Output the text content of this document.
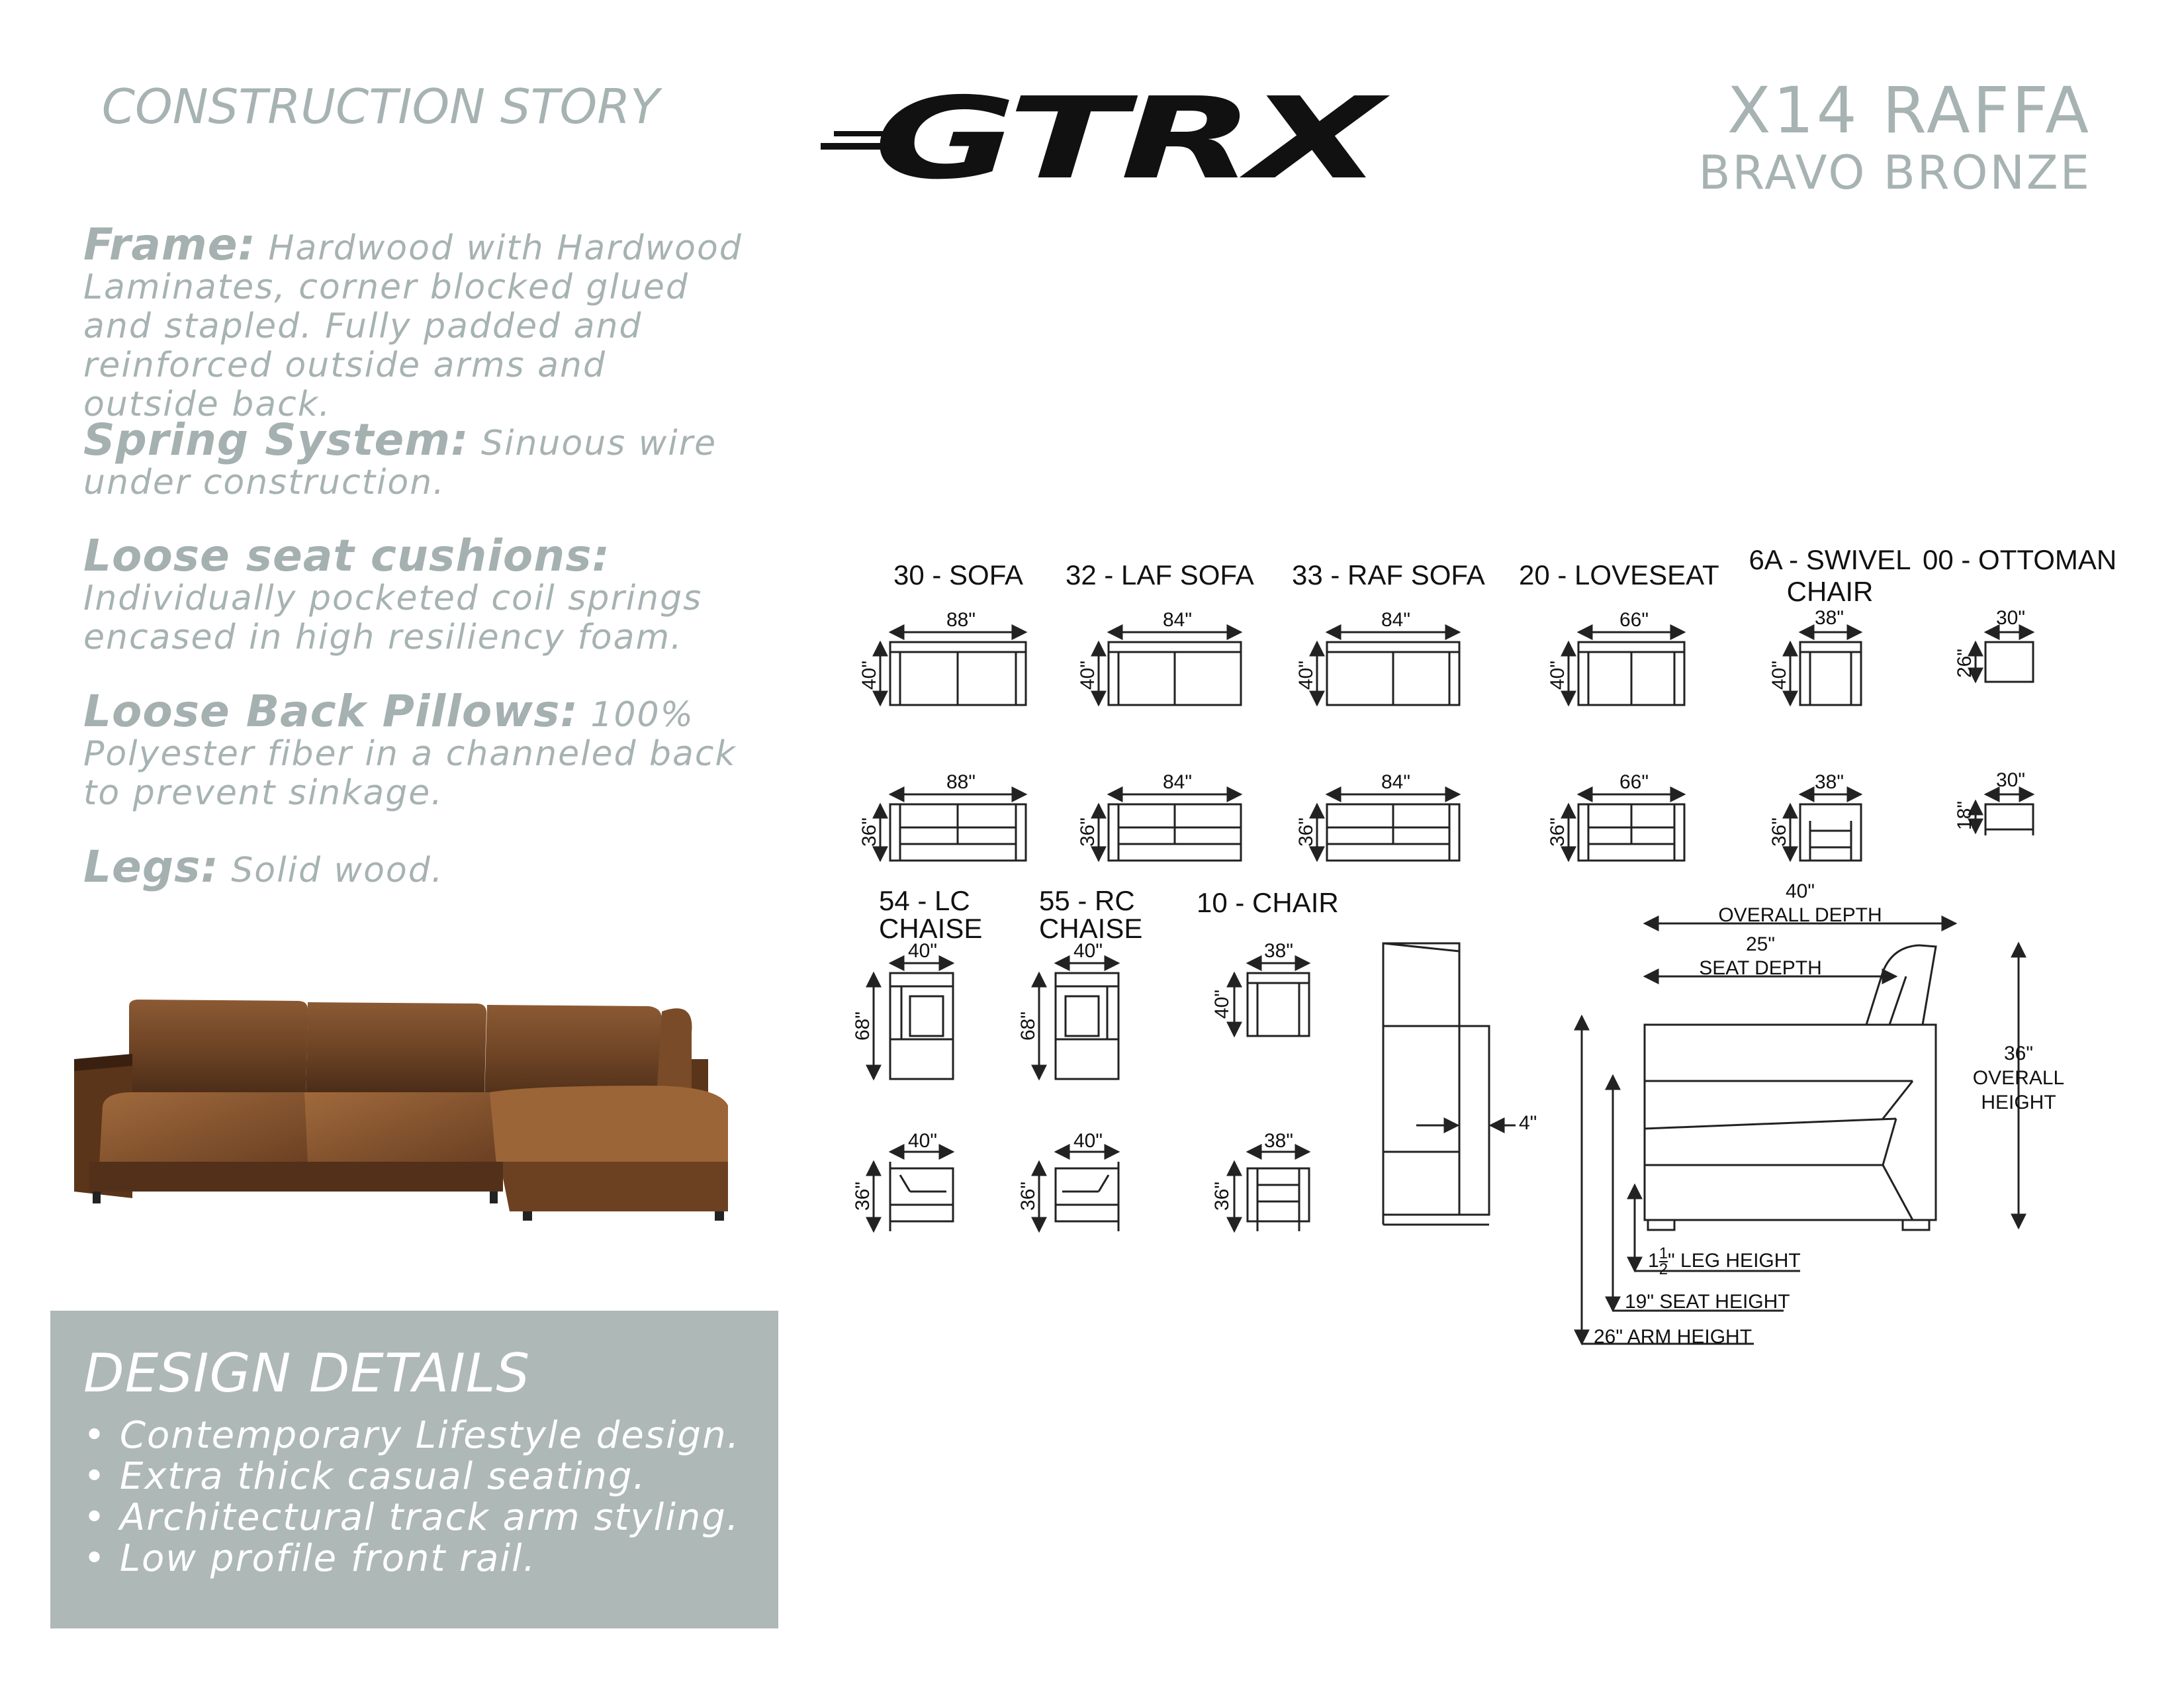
CONSTRUCTION STORY
Frame: Hardwood with Hardwood Laminates, corner blocked glued and stapled. Fully padded and reinforced outside arms and outside back.
Spring System: Sinuous wire under construction.
Loose seat cushions: Individually pocketed coil springs encased in high resiliency foam.
Loose Back Pillows: 100% Polyester fiber in a channeled back to prevent sinkage.
Legs: Solid wood.
X14 RAFFA
BRAVO BRONZE
GTRX
DESIGN DETAILS
• Contemporary Lifestyle design.
• Extra thick casual seating.
• Architectural track arm styling.
• Low profile front rail.
30 - SOFA 32 - LAF SOFA 33 - RAF SOFA 20 - LOVESEAT 6A - SWIVEL
CHAIR
00 - OTTOMAN
54 - LC
CHAISE
55 - RC
CHAISE
10 - CHAIR
88"	84"	84"	66"	38"	30"
40"	40"	40"	40"	40"	26"
88"	84"	84"	66"	38"	30"
36"	36"	36"	36"	36"
18"
40"	40"	38"
68"	68"
40"
40"	40"	38"
36"	36"	36"
4"
40"
OVERALL DEPTH
25"
SEAT DEPTH
36"
OVERALL
HEIGHT
$1 \frac{1}{2}$ " LEG HEIGHT
19" SEAT HEIGHT
26" ARM HEIGHT
